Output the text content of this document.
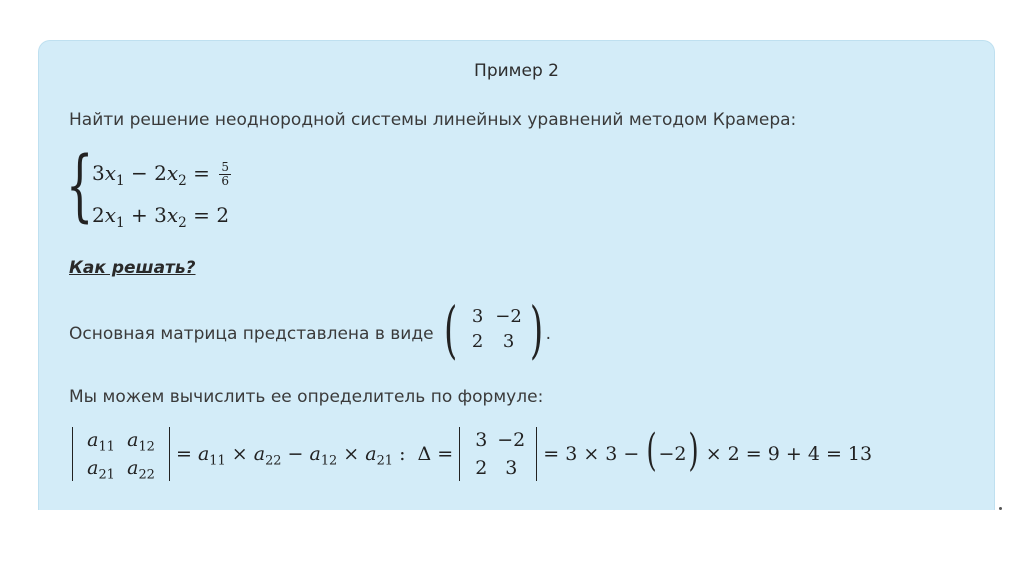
Пример 2
Найти решение неоднородной системы линейных уравнений методом Крамера:
{
$3x_1 - 2x_2 = \frac{5}{6}$
$2x_1 + 3x_2 = 2$
Как решать?
Основная матрица представлена в виде ( 3 −2
2	3 ) .
Мы можем вычислить ее определитель по формуле:
$a_{11}$ $a_{12}$
$a_{21}$ $a_{22}$
= $a_{11} \times a_{22} - a_{12} \times a_{21}$ :  Δ =
3 −2
2 3
= 3 × 3 − ( −2 ) × 2 = 9 + 4 = 13
